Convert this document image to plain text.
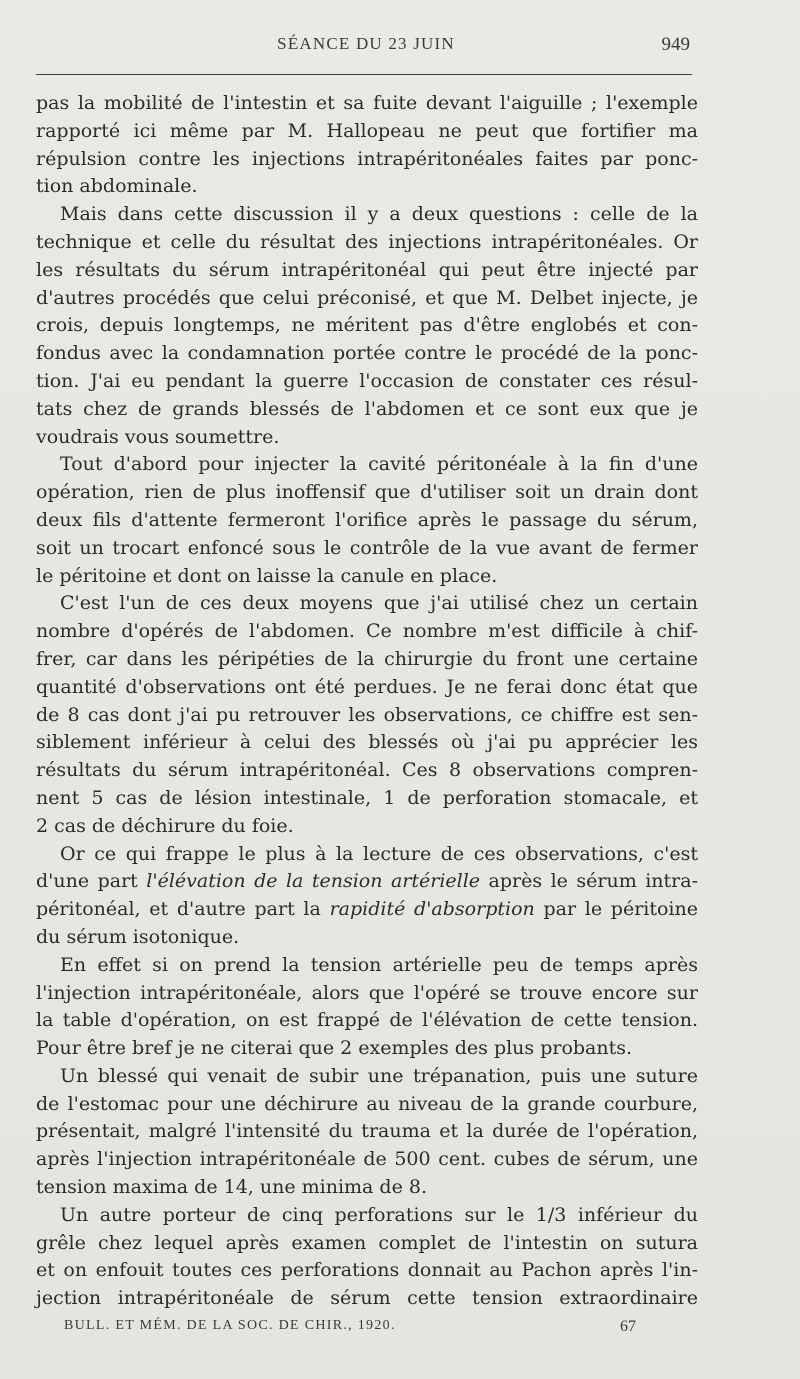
SÉANCE DU 23 JUIN	949

pas la mobilité de l'intestin et sa fuite devant l'aiguille ; l'exemple
rapporté ici même par M. Hallopeau ne peut que fortifier ma
répulsion contre les injections intrapéritonéales faites par ponc-
tion abdominale.

Mais dans cette discussion il y a deux questions : celle de la
technique et celle du résultat des injections intrapéritonéales. Or
les résultats du sérum intrapéritonéal qui peut être injecté par
d'autres procédés que celui préconisé, et que M. Delbet injecte, je
crois, depuis longtemps, ne méritent pas d'être englobés et con-
fondus avec la condamnation portée contre le procédé de la ponc-
tion. J'ai eu pendant la guerre l'occasion de constater ces résul-
tats chez de grands blessés de l'abdomen et ce sont eux que je
voudrais vous soumettre.

Tout d'abord pour injecter la cavité péritonéale à la fin d'une
opération, rien de plus inoffensif que d'utiliser soit un drain dont
deux fils d'attente fermeront l'orifice après le passage du sérum,
soit un trocart enfoncé sous le contrôle de la vue avant de fermer
le péritoine et dont on laisse la canule en place.

C'est l'un de ces deux moyens que j'ai utilisé chez un certain
nombre d'opérés de l'abdomen. Ce nombre m'est difficile à chif-
frer, car dans les péripéties de la chirurgie du front une certaine
quantité d'observations ont été perdues. Je ne ferai donc état que
de 8 cas dont j'ai pu retrouver les observations, ce chiffre est sen-
siblement inférieur à celui des blessés où j'ai pu apprécier les
résultats du sérum intrapéritonéal. Ces 8 observations compren-
nent 5 cas de lésion intestinale, 1 de perforation stomacale, et
2 cas de déchirure du foie.

Or ce qui frappe le plus à la lecture de ces observations, c'est
d'une part l'élévation de la tension artérielle après le sérum intra-
péritonéal, et d'autre part la rapidité d'absorption par le péritoine
du sérum isotonique.

En effet si on prend la tension artérielle peu de temps après
l'injection intrapéritonéale, alors que l'opéré se trouve encore sur
la table d'opération, on est frappé de l'élévation de cette tension.
Pour être bref je ne citerai que 2 exemples des plus probants.

Un blessé qui venait de subir une trépanation, puis une suture
de l'estomac pour une déchirure au niveau de la grande courbure,
présentait, malgré l'intensité du trauma et la durée de l'opération,
après l'injection intrapéritonéale de 500 cent. cubes de sérum, une
tension maxima de 14, une minima de 8.

Un autre porteur de cinq perforations sur le 1/3 inférieur du
grêle chez lequel après examen complet de l'intestin on sutura
et on enfouit toutes ces perforations donnait au Pachon après l'in-
jection intrapéritonéale de sérum cette tension extraordinaire

BULL. ET MÉM. DE LA SOC. DE CHIR., 1920.	67
